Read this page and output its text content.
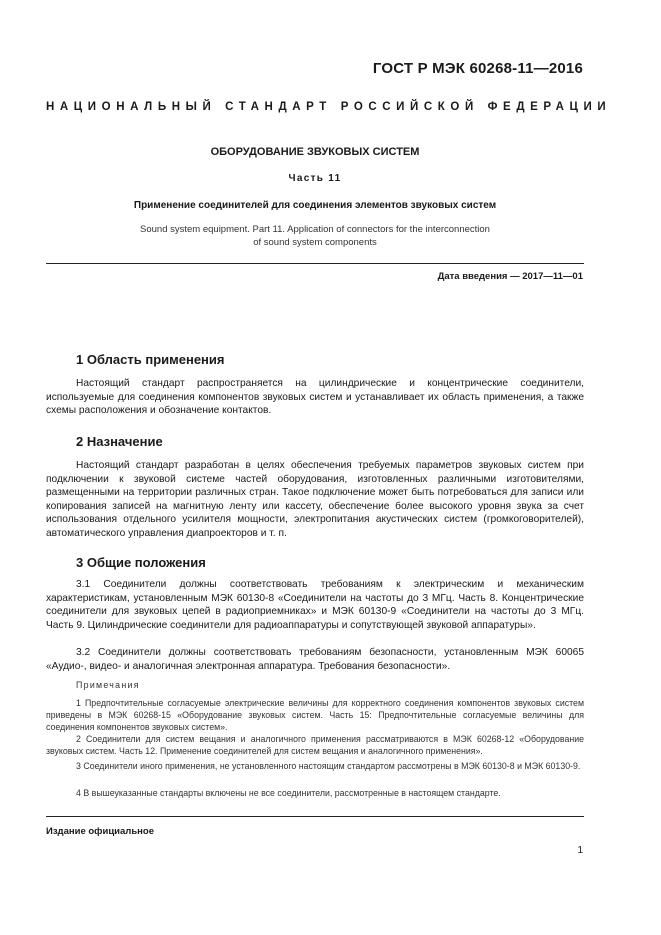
ГОСТ Р МЭК 60268-11—2016
НАЦИОНАЛЬНЫЙ СТАНДАРТ РОССИЙСКОЙ ФЕДЕРАЦИИ
ОБОРУДОВАНИЕ ЗВУКОВЫХ СИСТЕМ
Часть 11
Применение соединителей для соединения элементов звуковых систем
Sound system equipment. Part 11. Application of connectors for the interconnection
of sound system components
Дата введения — 2017—11—01
1 Область применения

Настоящий стандарт распространяется на цилиндрические и концентрические соединители, используемые для соединения компонентов звуковых систем и устанавливает их область применения, а также схемы расположения и обозначение контактов.

2 Назначение

Настоящий стандарт разработан в целях обеспечения требуемых параметров звуковых систем при подключении к звуковой системе частей оборудования, изготовленных различными изготовителями, размещенными на территории различных стран. Такое подключение может быть потребоваться для записи или копирования записей на магнитную ленту или кассету, обеспечение более высокого уровня звука за счет использования отдельного усилителя мощности, электропитания акустических систем (громкоговорителей), автоматического управления диапроекторов и т. п.

3 Общие положения

3.1 Соединители должны соответствовать требованиям к электрическим и механическим характеристикам, установленным МЭК 60130-8 «Соединители на частоты до 3 МГц. Часть 8. Концентрические соединители для звуковых цепей в радиоприемниках» и МЭК 60130-9 «Соединители на частоты до 3 МГц. Часть 9. Цилиндрические соединители для радиоаппаратуры и сопутствующей звуковой аппаратуры».

3.2 Соединители должны соответствовать требованиям безопасности, установленным МЭК 60065 «Аудио-, видео- и аналогичная электронная аппаратура. Требования безопасности».

Примечания

1 Предпочтительные согласуемые электрические величины для корректного соединения компонентов звуковых систем приведены в МЭК 60268-15 «Оборудование звуковых систем. Часть 15: Предпочтительные согласуемые величины для соединения компонентов звуковых систем».

2 Соединители для систем вещания и аналогичного применения рассматриваются в МЭК 60268-12 «Оборудование звуковых систем. Часть 12. Применение соединителей для систем вещания и аналогичного применения».

3 Соединители иного применения, не установленного настоящим стандартом рассмотрены в МЭК 60130-8 и МЭК 60130-9.

4 В вышеуказанные стандарты включены не все соединители, рассмотренные в настоящем стандарте.

Издание официальное
1
